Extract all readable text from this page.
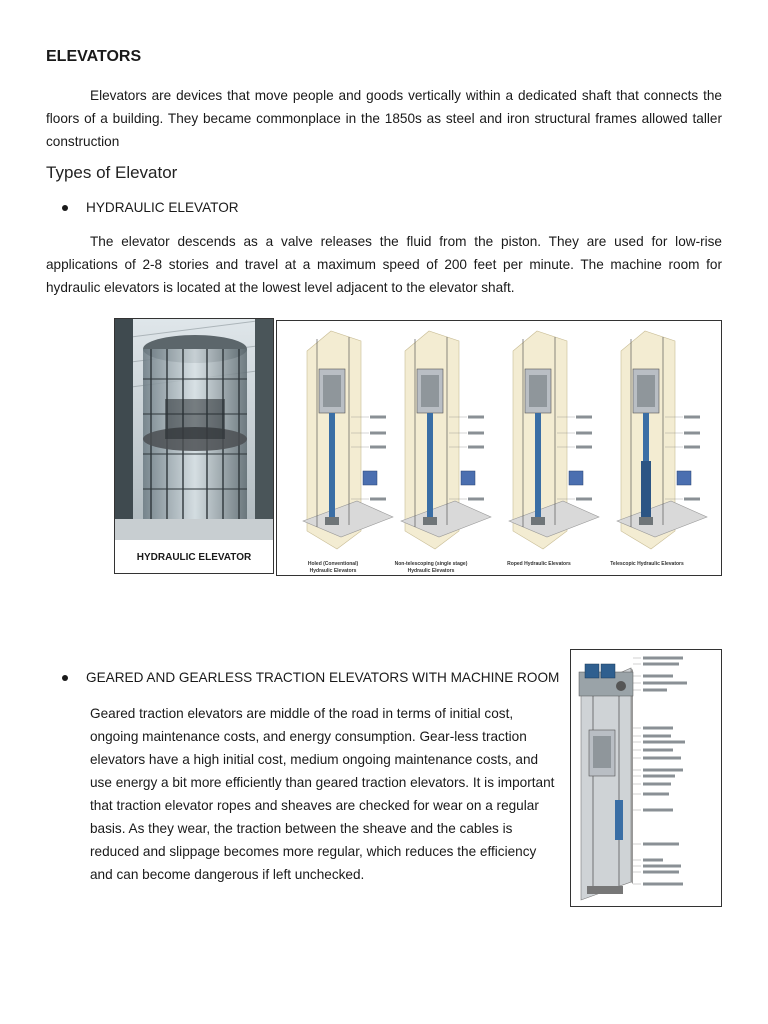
ELEVATORS

Elevators are devices that move people and goods vertically within a dedicated shaft that connects the floors of a building. They became commonplace in the 1850s as steel and iron structural frames allowed taller construction

Types of Elevator
HYDRAULIC ELEVATOR

The elevator descends as a valve releases the fluid from the piston. They are used for low-rise applications of 2-8 stories and travel at a maximum speed of 200 feet per minute. The machine room for hydraulic elevators is located at the lowest level adjacent to the elevator shaft.

HYDRAULIC ELEVATOR
Holed (Conventional)
Hydraulic Elevators
Non-telescoping (single stage)
Hydraulic Elevators
Roped Hydraulic Elevators	Telescopic Hydraulic Elevators
GEARED AND GEARLESS TRACTION ELEVATORS WITH MACHINE ROOM

Geared traction elevators are middle of the road in terms of initial cost, ongoing maintenance costs, and energy consumption. Gear-less traction elevators have a high initial cost, medium ongoing maintenance costs, and use energy a bit more efficiently than geared traction elevators. It is important that traction elevator ropes and sheaves are checked for wear on a regular basis. As they wear, the traction between the sheave and the cables is reduced and slippage becomes more regular, which reduces the efficiency and can become dangerous if left unchecked.
